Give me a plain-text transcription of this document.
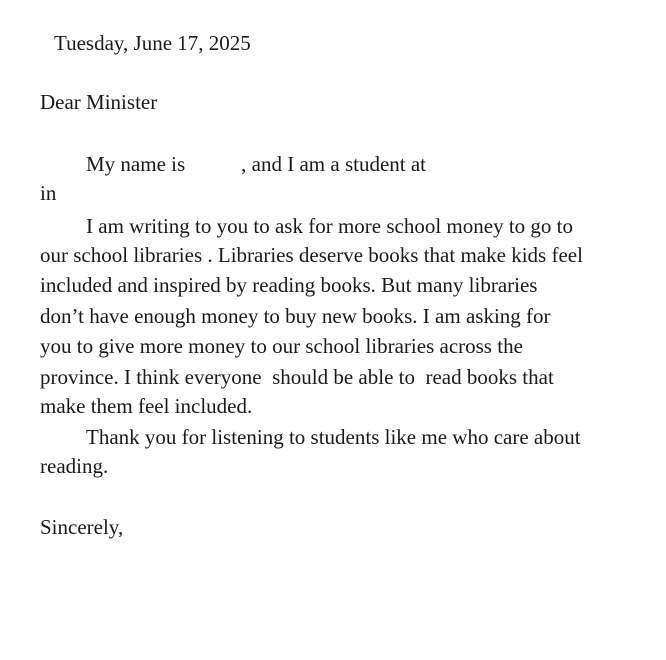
Tuesday, June 17, 2025
Dear Minister
My name is	, and I am a student at
in
I am writing to you to ask for more school money to go to
our school libraries . Libraries deserve books that make kids feel
included and inspired by reading books. But many libraries
don’t have enough money to buy new books. I am asking for
you to give more money to our school libraries across the
province. I think everyone  should be able to  read books that
make them feel included.
Thank you for listening to students like me who care about
reading.
Sincerely,
